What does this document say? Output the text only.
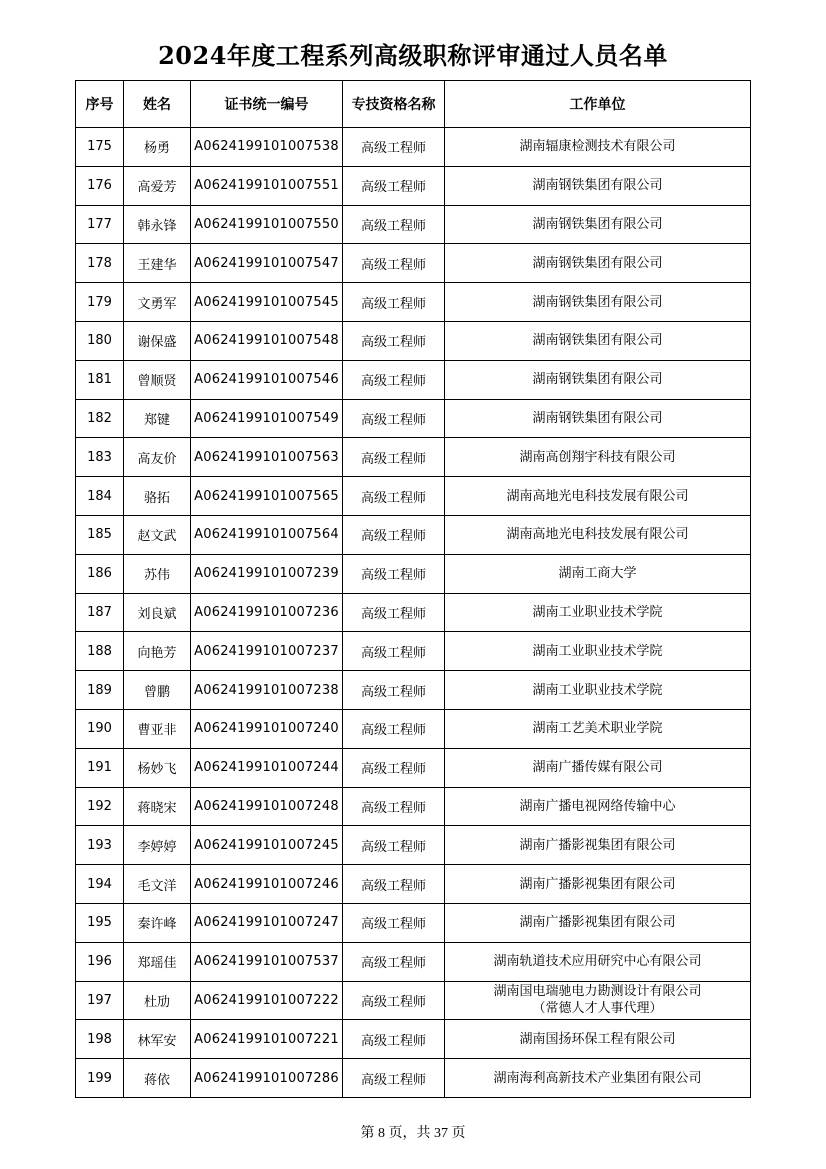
2024年度工程系列高级职称评审通过人员名单
序号	姓名	证书统一编号	专技资格名称	工作单位
175	杨勇	A0624199101007538	高级工程师	湖南辐康检测技术有限公司
176	高爱芳	A0624199101007551	高级工程师	湖南钢铁集团有限公司
177	韩永锋	A0624199101007550	高级工程师	湖南钢铁集团有限公司
178	王建华	A0624199101007547	高级工程师	湖南钢铁集团有限公司
179	文勇军	A0624199101007545	高级工程师	湖南钢铁集团有限公司
180	谢保盛	A0624199101007548	高级工程师	湖南钢铁集团有限公司
181	曾顺贤	A0624199101007546	高级工程师	湖南钢铁集团有限公司
182	郑键	A0624199101007549	高级工程师	湖南钢铁集团有限公司
183	高友价	A0624199101007563	高级工程师	湖南高创翔宇科技有限公司
184	骆拓	A0624199101007565	高级工程师	湖南高地光电科技发展有限公司
185	赵文武	A0624199101007564	高级工程师	湖南高地光电科技发展有限公司
186	苏伟	A0624199101007239	高级工程师	湖南工商大学
187	刘良斌	A0624199101007236	高级工程师	湖南工业职业技术学院
188	向艳芳	A0624199101007237	高级工程师	湖南工业职业技术学院
189	曾鹏	A0624199101007238	高级工程师	湖南工业职业技术学院
190	曹亚非	A0624199101007240	高级工程师	湖南工艺美术职业学院
191	杨妙飞	A0624199101007244	高级工程师	湖南广播传媒有限公司
192	蒋晓宋	A0624199101007248	高级工程师	湖南广播电视网络传输中心
193	李婷婷	A0624199101007245	高级工程师	湖南广播影视集团有限公司
194	毛文洋	A0624199101007246	高级工程师	湖南广播影视集团有限公司
195	秦许峰	A0624199101007247	高级工程师	湖南广播影视集团有限公司
196	郑瑶佳	A0624199101007537	高级工程师	湖南轨道技术应用研究中心有限公司
197	杜劢	A0624199101007222	高级工程师	湖南国电瑞驰电力勘测设计有限公司
（常德人才人事代理）

198	林军安	A0624199101007221	高级工程师	湖南国扬环保工程有限公司
199	蒋依	A0624199101007286	高级工程师	湖南海利高新技术产业集团有限公司
第 8 页，共 37 页
